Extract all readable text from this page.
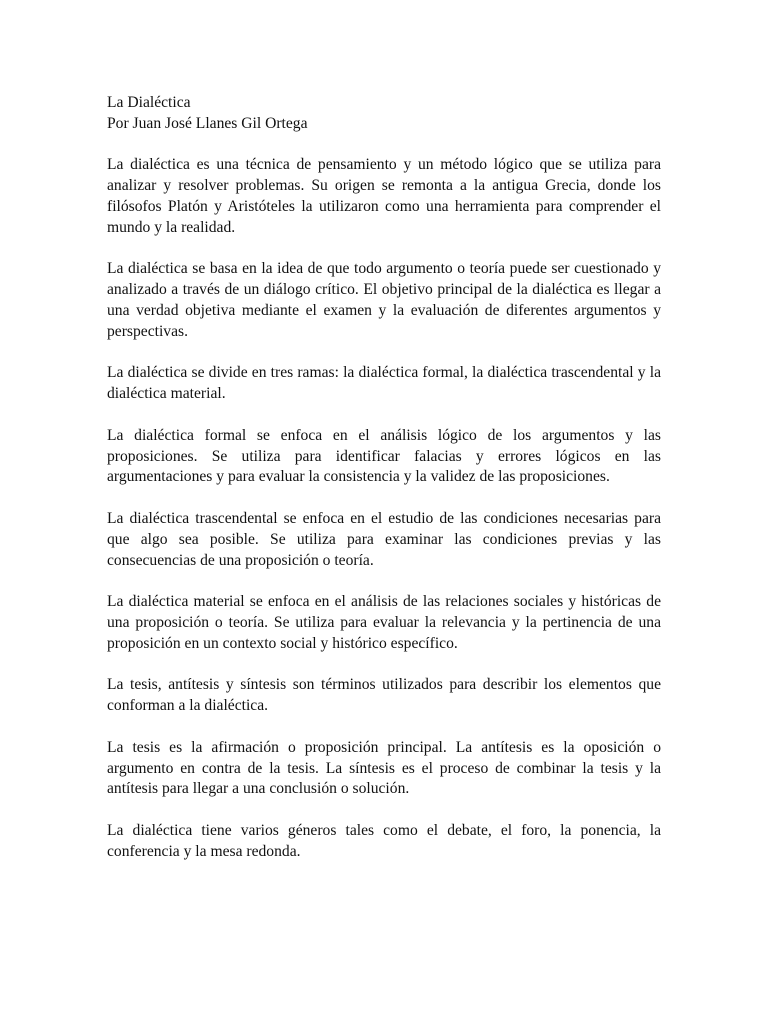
La Dialéctica

Por Juan José Llanes Gil Ortega

La dialéctica es una técnica de pensamiento y un método lógico que se utiliza para analizar y resolver problemas. Su origen se remonta a la antigua Grecia, donde los filósofos Platón y Aristóteles la utilizaron como una herramienta para comprender el mundo y la realidad.

La dialéctica se basa en la idea de que todo argumento o teoría puede ser cuestionado y analizado a través de un diálogo crítico. El objetivo principal de la dialéctica es llegar a una verdad objetiva mediante el examen y la evaluación de diferentes argumentos y perspectivas.

La dialéctica se divide en tres ramas: la dialéctica formal, la dialéctica trascendental y la dialéctica material.

La dialéctica formal se enfoca en el análisis lógico de los argumentos y las proposiciones. Se utiliza para identificar falacias y errores lógicos en las argumentaciones y para evaluar la consistencia y la validez de las proposiciones.

La dialéctica trascendental se enfoca en el estudio de las condiciones necesarias para que algo sea posible. Se utiliza para examinar las condiciones previas y las consecuencias de una proposición o teoría.

La dialéctica material se enfoca en el análisis de las relaciones sociales y históricas de una proposición o teoría. Se utiliza para evaluar la relevancia y la pertinencia de una proposición en un contexto social y histórico específico.

La tesis, antítesis y síntesis son términos utilizados para describir los elementos que conforman a la dialéctica.

La tesis es la afirmación o proposición principal. La antítesis es la oposición o argumento en contra de la tesis. La síntesis es el proceso de combinar la tesis y la antítesis para llegar a una conclusión o solución.

La dialéctica tiene varios géneros tales como el debate, el foro, la ponencia, la conferencia y la mesa redonda.
